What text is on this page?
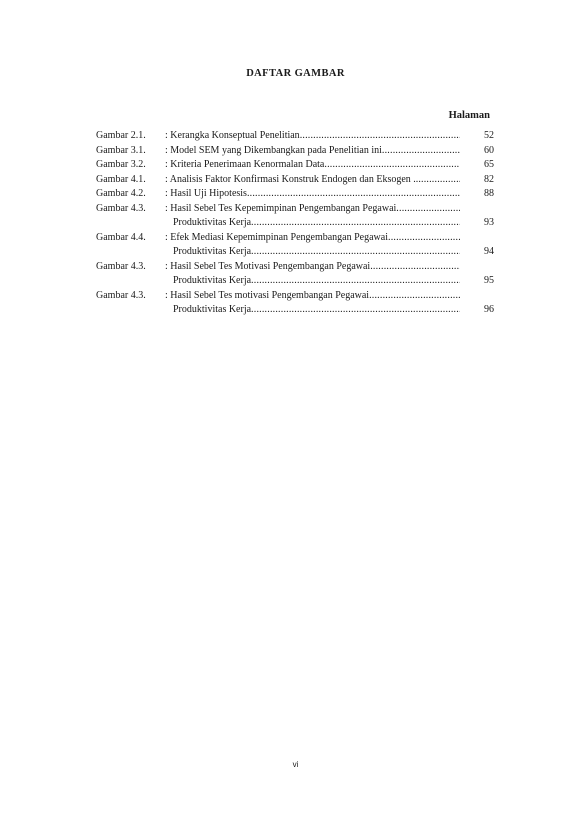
DAFTAR GAMBAR
Halaman
Gambar 2.1.	: Kerangka Konseptual Penelitian .....	52
Gambar 3.1.	: Model SEM yang Dikembangkan pada Penelitian ini .....	60
Gambar 3.2.	: Kriteria Penerimaan Kenormalan Data .....	65
Gambar 4.1.	: Analisis Faktor Konfirmasi Konstruk Endogen dan Eksogen .. .....	82
Gambar 4.2.	: Hasil Uji Hipotesis .....	88
Gambar 4.3.	: Hasil Sebel Tes Kepemimpinan Pengembangan Pegawai
.....
Produktivitas Kerja .....	93
Gambar 4.4.	: Efek Mediasi Kepemimpinan Pengembangan Pegawai
.....
Produktivitas Kerja .....	94
Gambar 4.3.	: Hasil Sebel Tes Motivasi Pengembangan Pegawai
.....
Produktivitas Kerja .....	95
Gambar 4.3.	: Hasil Sebel Tes motivasi Pengembangan Pegawai
.....
Produktivitas Kerja .....	96
vi
